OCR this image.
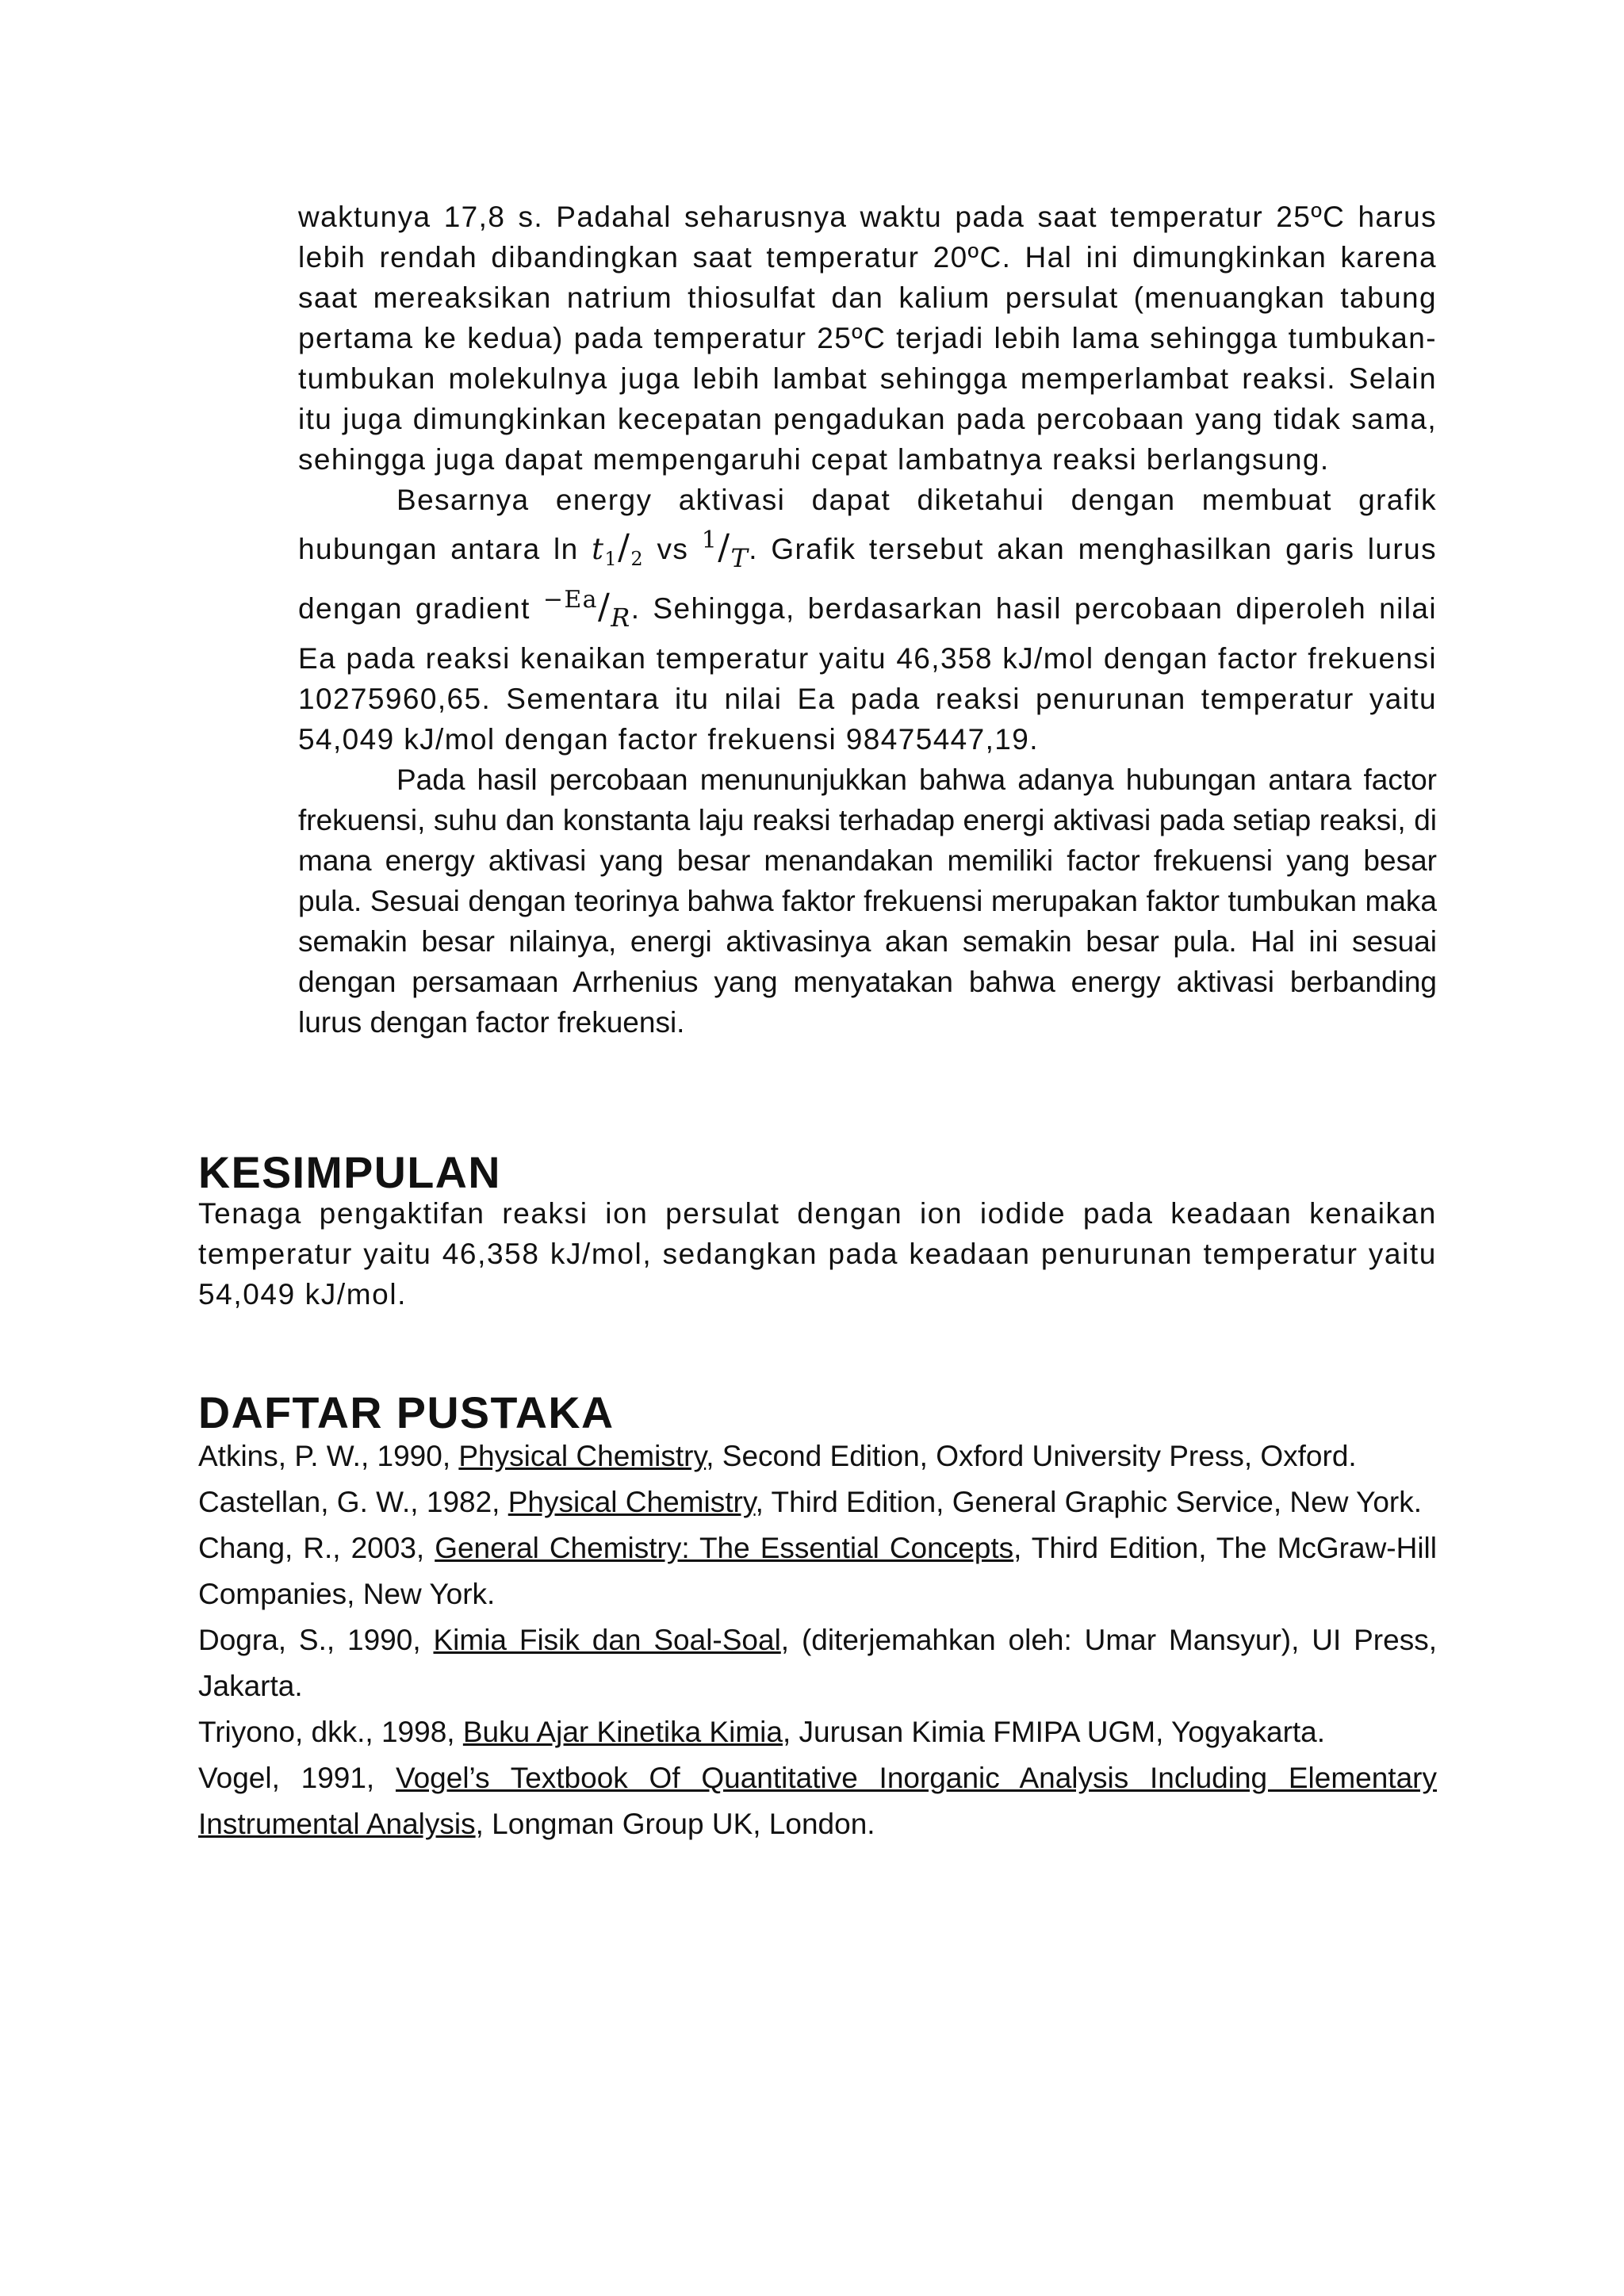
waktunya 17,8 s. Padahal seharusnya waktu pada saat temperatur 25ºC harus lebih rendah dibandingkan saat temperatur 20ºC. Hal ini dimungkinkan karena saat mereaksikan natrium thiosulfat dan kalium persulat (menuangkan tabung pertama ke kedua) pada temperatur 25ºC terjadi lebih lama sehingga tumbukan-tumbukan molekulnya juga lebih lambat sehingga memperlambat reaksi. Selain itu juga dimungkinkan kecepatan pengadukan pada percobaan yang tidak sama, sehingga juga dapat mempengaruhi cepat lambatnya reaksi berlangsung.

Besarnya energy aktivasi dapat diketahui dengan membuat grafik hubungan antara $\ln t_1/_2$ vs $^1$/T. Grafik tersebut akan menghasilkan garis lurus dengan gradient $^{-Ea}$/R. Sehingga, berdasarkan hasil percobaan diperoleh nilai Ea pada reaksi kenaikan temperatur yaitu 46,358 kJ/mol dengan factor frekuensi 10275960,65. Sementara itu nilai Ea pada reaksi penurunan temperatur yaitu 54,049 kJ/mol dengan factor frekuensi 98475447,19.

Pada hasil percobaan menununjukkan bahwa adanya hubungan antara factor frekuensi, suhu dan konstanta laju reaksi terhadap energi aktivasi pada setiap reaksi, di mana energy aktivasi yang besar menandakan memiliki factor frekuensi yang besar pula. Sesuai dengan teorinya bahwa faktor frekuensi merupakan faktor tumbukan maka semakin besar nilainya, energi aktivasinya akan semakin besar pula. Hal ini sesuai dengan persamaan Arrhenius yang menyatakan bahwa energy aktivasi berbanding lurus dengan factor frekuensi.

KESIMPULAN

Tenaga pengaktifan reaksi ion persulat dengan ion iodide pada keadaan kenaikan temperatur yaitu 46,358 kJ/mol, sedangkan pada keadaan penurunan temperatur yaitu 54,049 kJ/mol.

DAFTAR PUSTAKA
Atkins, P. W., 1990, Physical Chemistry, Second Edition, Oxford University Press, Oxford.
Castellan, G. W., 1982, Physical Chemistry, Third Edition, General Graphic Service, New York.
Chang, R., 2003, General Chemistry: The Essential Concepts, Third Edition, The McGraw-Hill Companies, New York.
Dogra, S., 1990, Kimia Fisik dan Soal-Soal, (diterjemahkan oleh: Umar Mansyur), UI Press, Jakarta.
Triyono, dkk., 1998, Buku Ajar Kinetika Kimia, Jurusan Kimia FMIPA UGM, Yogyakarta.
Vogel, 1991, Vogel’s Textbook Of Quantitative Inorganic Analysis Including Elementary Instrumental Analysis, Longman Group UK, London.
